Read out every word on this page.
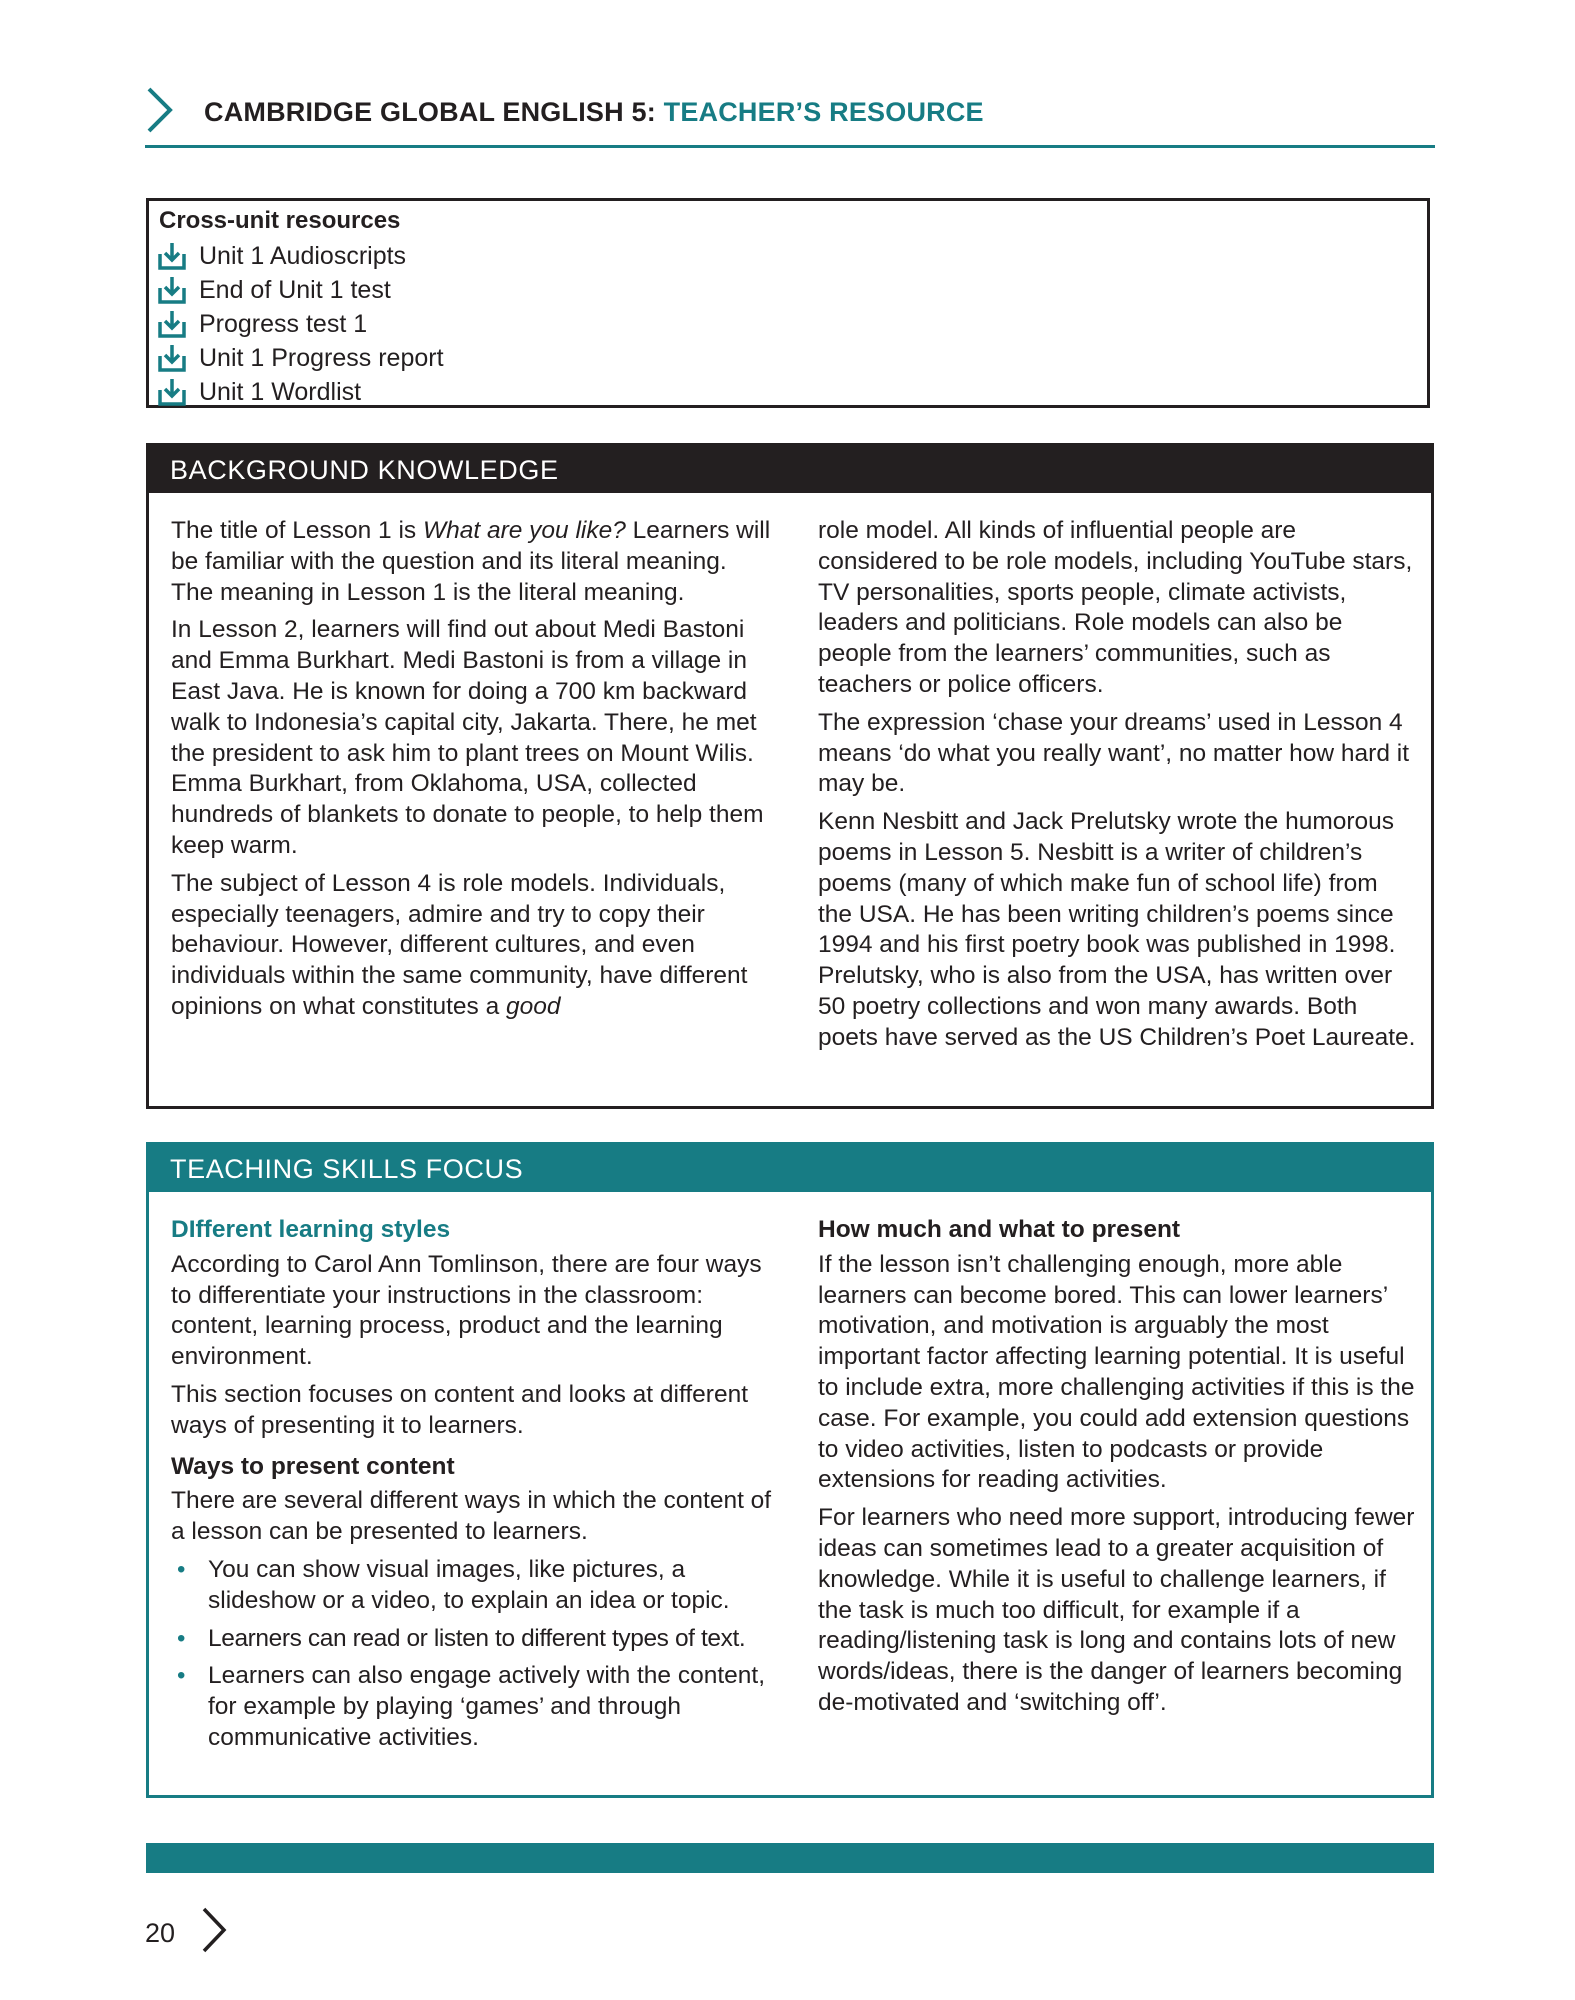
CAMBRIDGE GLOBAL ENGLISH 5: TEACHER’S RESOURCE
Cross-unit resources
Unit 1 Audioscripts
End of Unit 1 test
Progress test 1
Unit 1 Progress report
Unit 1 Wordlist
BACKGROUND KNOWLEDGE

The title of Lesson 1 is What are you like? Learners will be familiar with the question and its literal meaning. The meaning in Lesson 1 is the literal meaning.

In Lesson 2, learners will find out about Medi Bastoni and Emma Burkhart. Medi Bastoni is from a village in East Java. He is known for doing a 700 km backward walk to Indonesia’s capital city, Jakarta. There, he met the president to ask him to plant trees on Mount Wilis. Emma Burkhart, from Oklahoma, USA, collected hundreds of blankets to donate to people, to help them keep warm.

The subject of Lesson 4 is role models. Individuals, especially teenagers, admire and try to copy their behaviour. However, different cultures, and even individuals within the same community, have different opinions on what constitutes a good

role model. All kinds of influential people are considered to be role models, including YouTube stars, TV personalities, sports people, climate activists, leaders and politicians. Role models can also be people from the learners’ communities, such as teachers or police officers.

The expression ‘chase your dreams’ used in Lesson 4 means ‘do what you really want’, no matter how hard it may be.

Kenn Nesbitt and Jack Prelutsky wrote the humorous poems in Lesson 5. Nesbitt is a writer of children’s poems (many of which make fun of school life) from the USA. He has been writing children’s poems since 1994 and his first poetry book was published in 1998. Prelutsky, who is also from the USA, has written over 50 poetry collections and won many awards. Both poets have served as the US Children’s Poet Laureate.

TEACHING SKILLS FOCUS
DIfferent learning styles

According to Carol Ann Tomlinson, there are four ways to differentiate your instructions in the classroom: content, learning process, product and the learning environment.

This section focuses on content and looks at different ways of presenting it to learners.

Ways to present content

There are several different ways in which the content of a lesson can be presented to learners.

• You can show visual images, like pictures, a slideshow or a video, to explain an idea or topic.
• Learners can read or listen to different types of text.
• Learners can also engage actively with the content, for example by playing ‘games’ and through communicative activities.
How much and what to present

If the lesson isn’t challenging enough, more able learners can become bored. This can lower learners’ motivation, and motivation is arguably the most important factor affecting learning potential. It is useful to include extra, more challenging activities if this is the case. For example, you could add extension questions to video activities, listen to podcasts or provide extensions for reading activities.

For learners who need more support, introducing fewer ideas can sometimes lead to a greater acquisition of knowledge. While it is useful to challenge learners, if the task is much too difficult, for example if a reading/listening task is long and contains lots of new words/ideas, there is the danger of learners becoming de-motivated and ‘switching off’.

20
